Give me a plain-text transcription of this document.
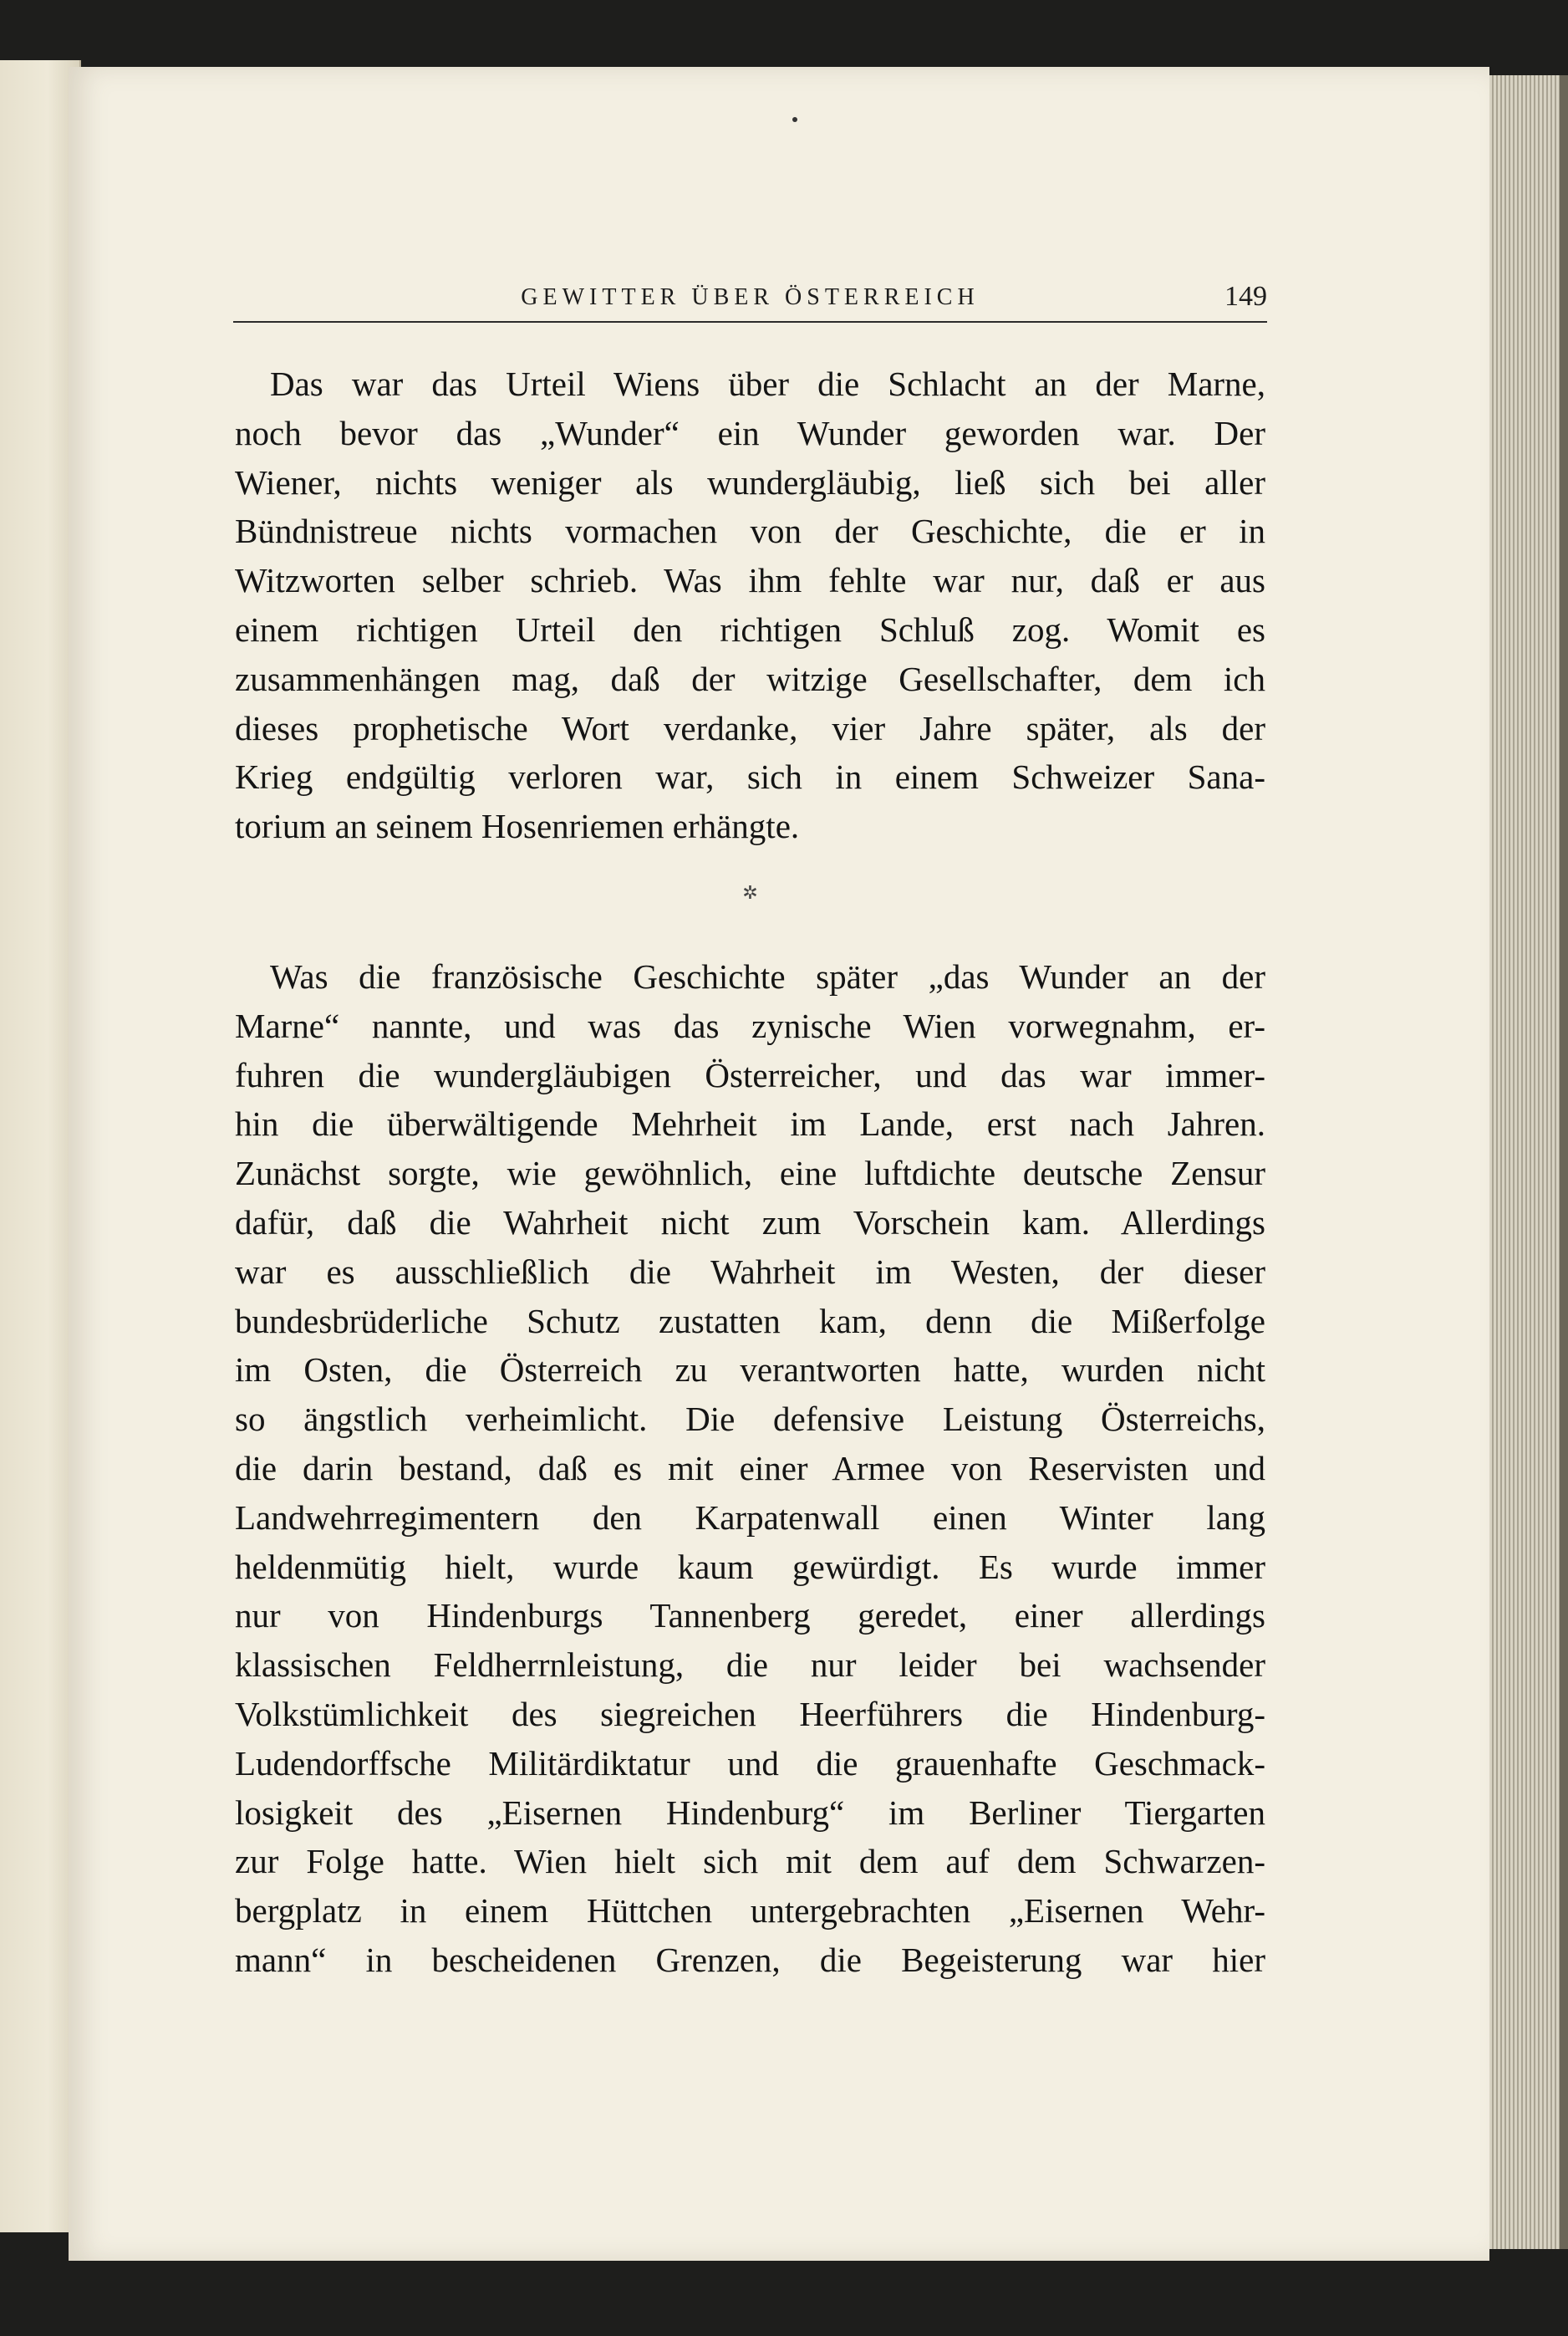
GEWITTER ÜBER ÖSTERREICH	149
Das war das Urteil Wiens über die Schlacht an der Marne,
noch bevor das „Wunder“ ein Wunder geworden war. Der
Wiener, nichts weniger als wundergläubig, ließ sich bei aller
Bündnistreue nichts vormachen von der Geschichte, die er in
Witzworten selber schrieb. Was ihm fehlte war nur, daß er aus
einem richtigen Urteil den richtigen Schluß zog. Womit es
zusammenhängen mag, daß der witzige Gesellschafter, dem ich
dieses prophetische Wort verdanke, vier Jahre später, als der
Krieg endgültig verloren war, sich in einem Schweizer Sana-
torium an seinem Hosenriemen erhängte.
✲
Was die französische Geschichte später „das Wunder an der
Marne“ nannte, und was das zynische Wien vorwegnahm, er-
fuhren die wundergläubigen Österreicher, und das war immer-
hin die überwältigende Mehrheit im Lande, erst nach Jahren.
Zunächst sorgte, wie gewöhnlich, eine luftdichte deutsche Zensur
dafür, daß die Wahrheit nicht zum Vorschein kam. Allerdings
war es ausschließlich die Wahrheit im Westen, der dieser
bundesbrüderliche Schutz zustatten kam, denn die Mißerfolge
im Osten, die Österreich zu verantworten hatte, wurden nicht
so ängstlich verheimlicht. Die defensive Leistung Österreichs,
die darin bestand, daß es mit einer Armee von Reservisten und
Landwehrregimentern den Karpatenwall einen Winter lang
heldenmütig hielt, wurde kaum gewürdigt. Es wurde immer
nur von Hindenburgs Tannenberg geredet, einer allerdings
klassischen Feldherrnleistung, die nur leider bei wachsender
Volkstümlichkeit des siegreichen Heerführers die Hindenburg-
Ludendorffsche Militärdiktatur und die grauenhafte Geschmack-
losigkeit des „Eisernen Hindenburg“ im Berliner Tiergarten
zur Folge hatte. Wien hielt sich mit dem auf dem Schwarzen-
bergplatz in einem Hüttchen untergebrachten „Eisernen Wehr-
mann“ in bescheidenen Grenzen, die Begeisterung war hier
